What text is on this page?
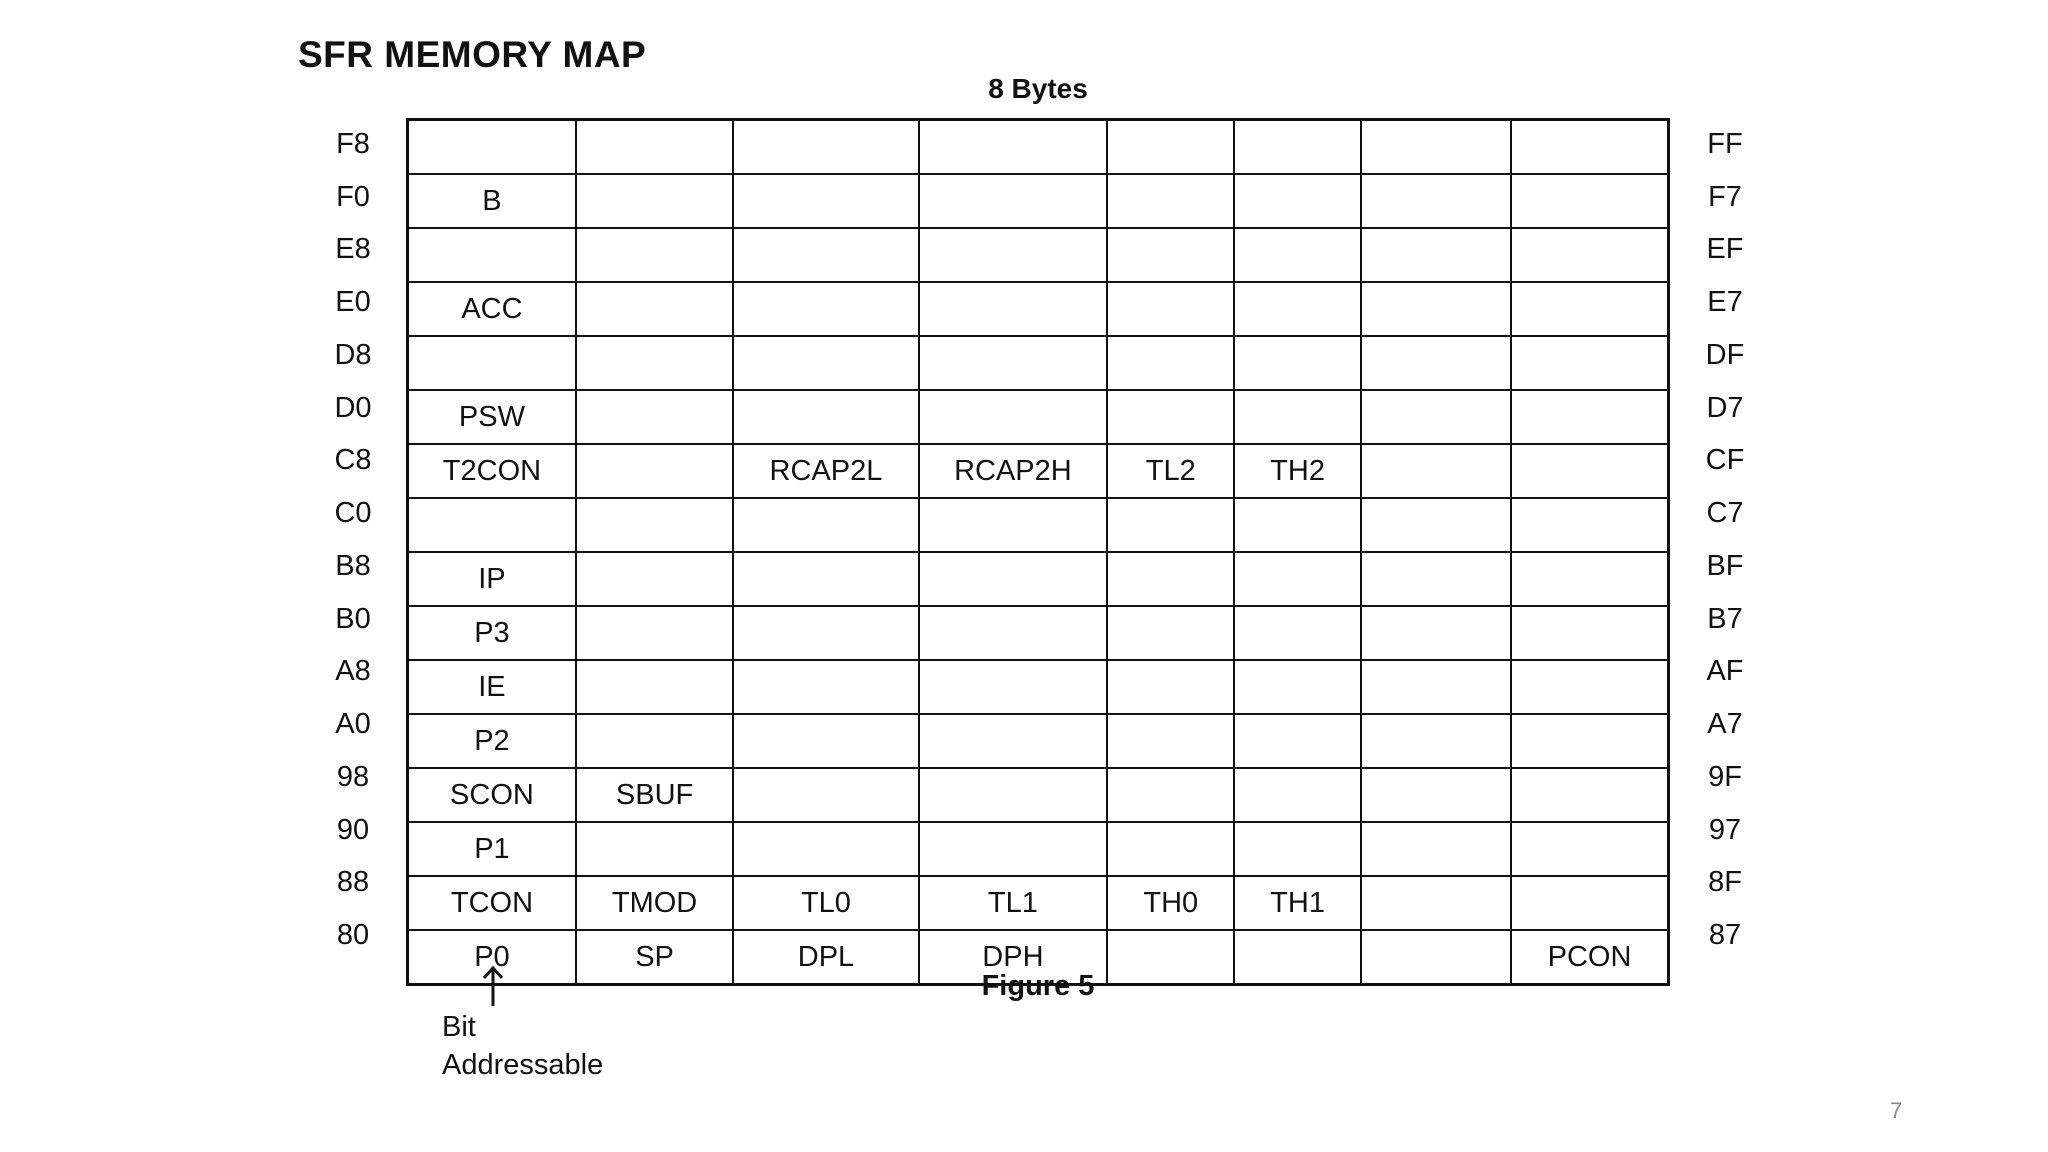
SFR MEMORY MAP
8 Bytes
F8
F0
E8
E0
D8
D0
C8
C0
B8
B0
A8
A0
98
90
88
80

B							

ACC							

PSW							
T2CON		RCAP2L	RCAP2H	TL2	TH2		

IP							
P3							
IE							
P2							
SCON	SBUF						
P1							
TCON	TMOD	TL0	TL1	TH0	TH1		
P0	SP	DPL	DPH				PCON
FF
F7
EF
E7
DF
D7
CF
C7
BF
B7
AF
A7
9F
97
8F
87
Figure 5
Bit
Addressable
7
